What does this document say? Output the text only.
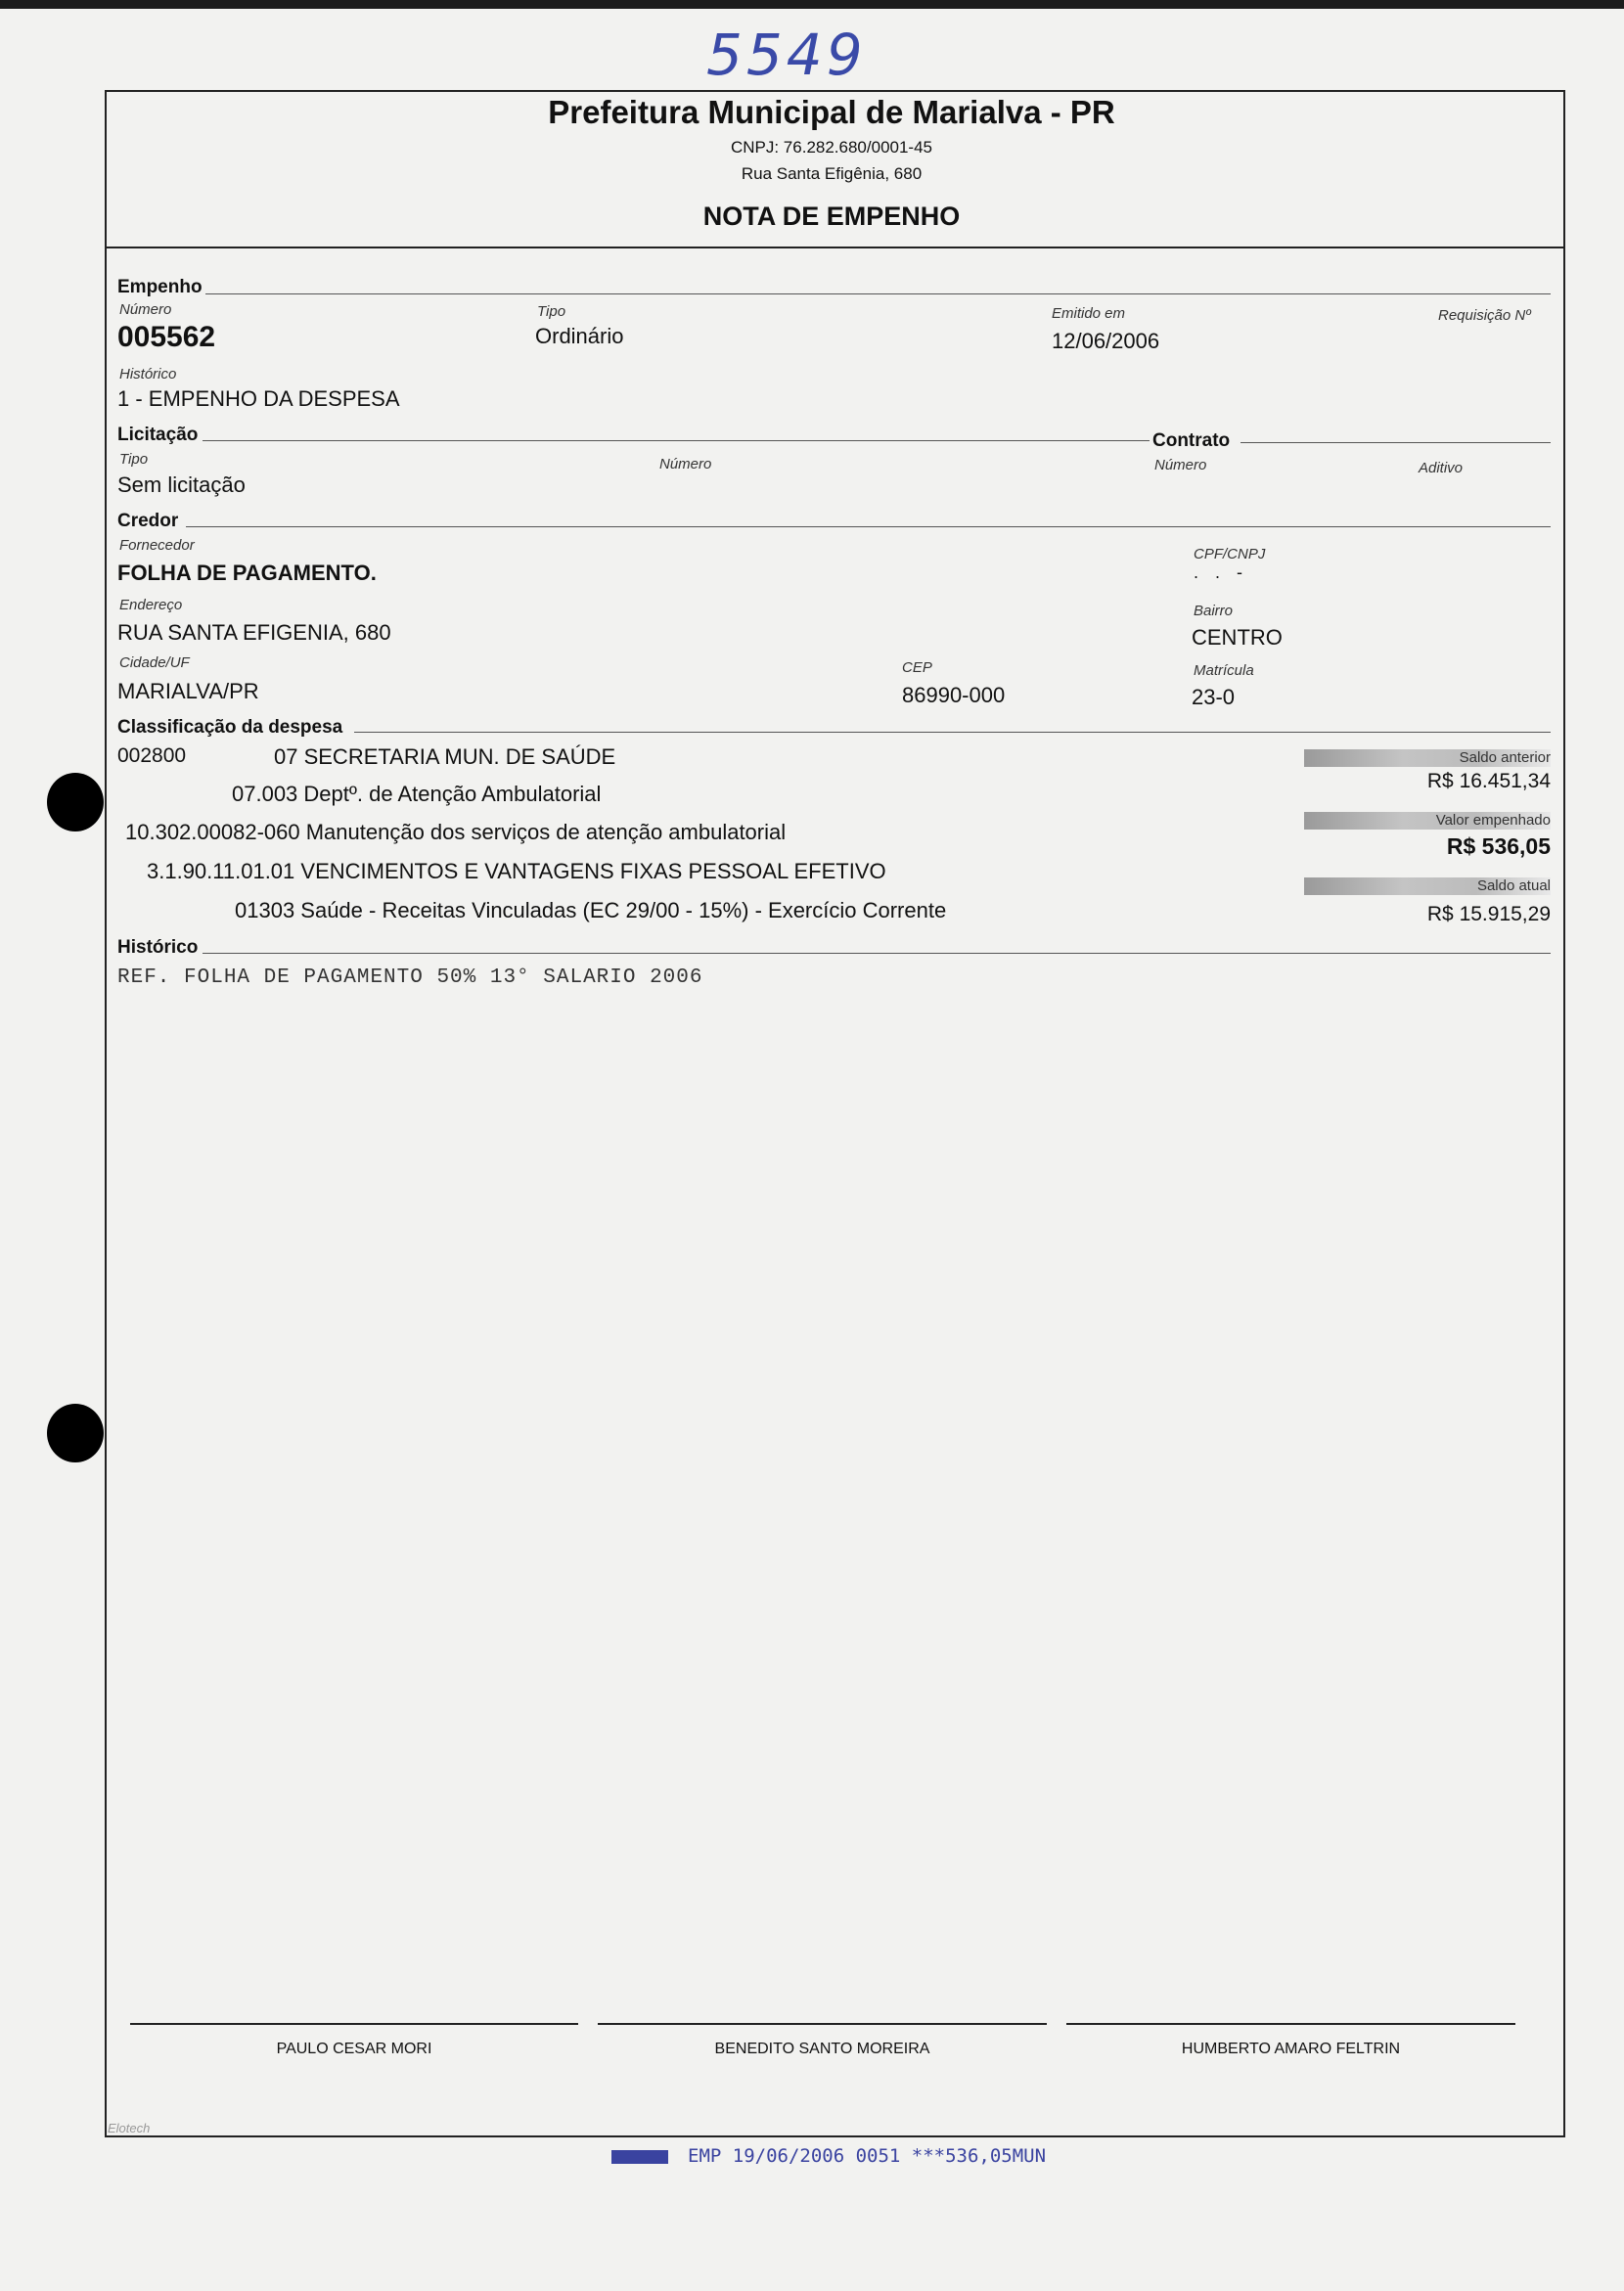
5549
Prefeitura Municipal de Marialva - PR
CNPJ: 76.282.680/0001-45
Rua Santa Efigênia, 680
NOTA DE EMPENHO
Empenho
Número
005562
Tipo
Ordinário
Emitido em
12/06/2006
Requisição Nº
Histórico
1 - EMPENHO DA DESPESA
Licitação	Contrato
Tipo
Sem licitação
Número	Número	Aditivo
Credor
Fornecedor
FOLHA DE PAGAMENTO.
CPF/CNPJ
. . -
Endereço
RUA SANTA EFIGENIA, 680
Bairro
CENTRO
Cidade/UF
MARIALVA/PR
CEP
86990-000
Matrícula
23-0
Classificação da despesa
002800	07 SECRETARIA MUN. DE SAÚDE
07.003 Deptº. de Atenção Ambulatorial
10.302.00082-060 Manutenção dos serviços de atenção ambulatorial
3.1.90.11.01.01 VENCIMENTOS E VANTAGENS FIXAS PESSOAL EFETIVO
01303 Saúde - Receitas Vinculadas (EC 29/00 - 15%) - Exercício Corrente
Saldo anterior
R$ 16.451,34
Valor empenhado
R$ 536,05
Saldo atual
R$ 15.915,29
Histórico
REF. FOLHA DE PAGAMENTO 50% 13° SALARIO 2006
PAULO CESAR MORI	BENEDITO SANTO MOREIRA	HUMBERTO AMARO FELTRIN
Elotech
EMP 19/06/2006 0051 ***536,05MUN
